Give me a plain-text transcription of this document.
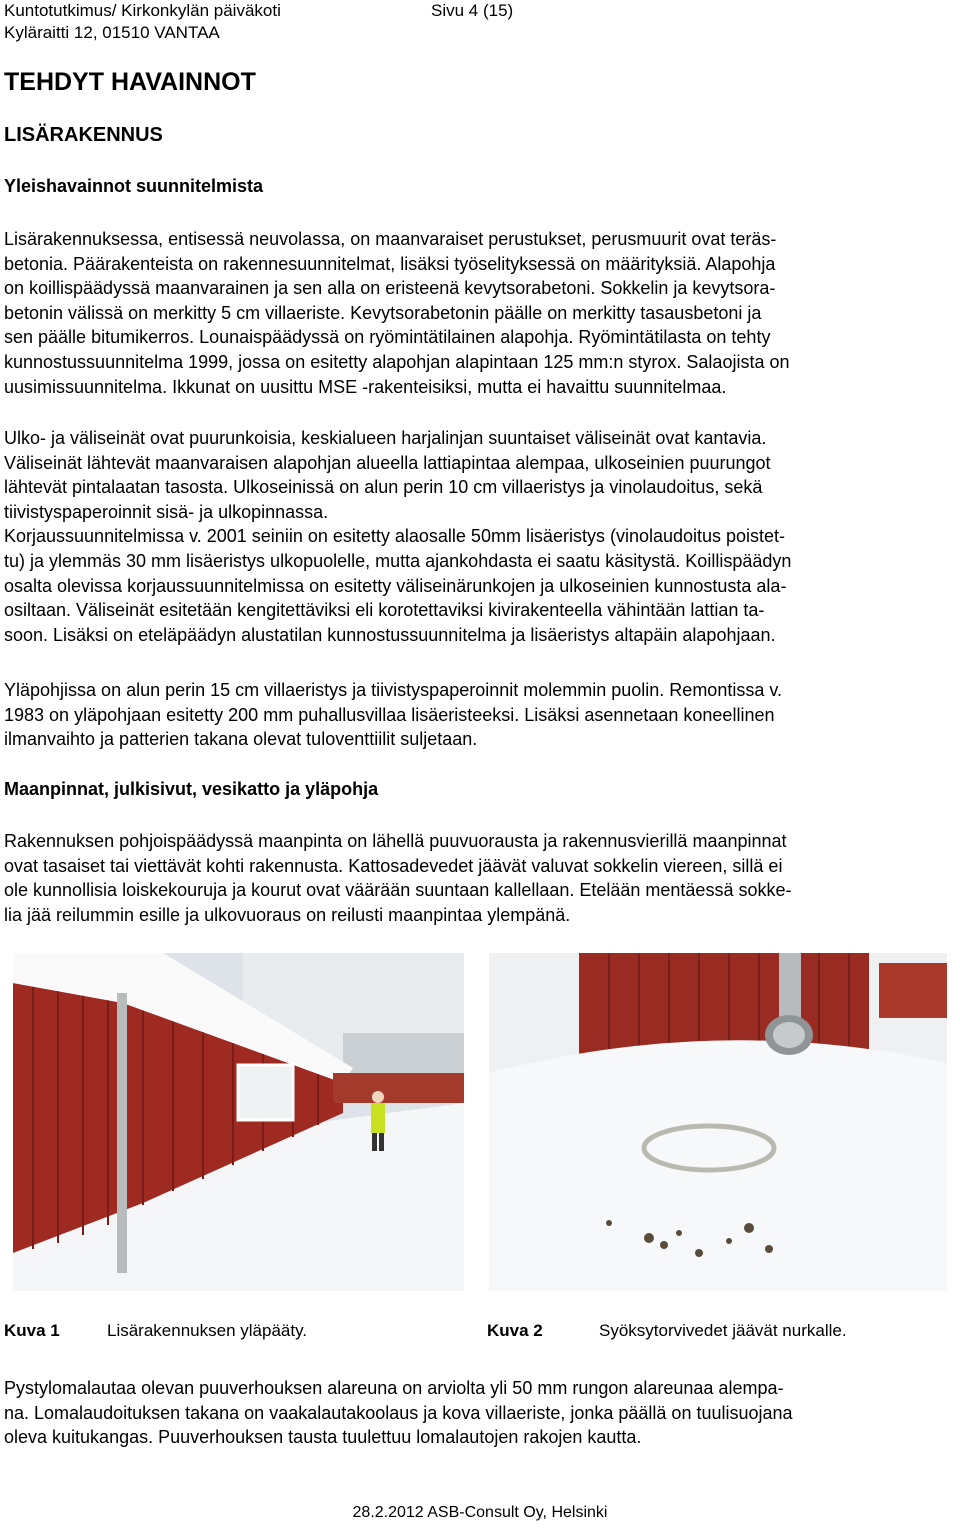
Kuntotutkimus/ Kirkonkylän päiväkoti
Kyläraitti 12, 01510 VANTAA
Sivu 4 (15)
TEHDYT HAVAINNOT
LISÄRAKENNUS
Yleishavainnot suunnitelmista
Lisärakennuksessa, entisessä neuvolassa, on maanvaraiset perustukset, perusmuurit ovat teräs-
betonia. Päärakenteista on rakennesuunnitelmat, lisäksi työselityksessä on määrityksiä. Alapohja
on koillispäädyssä maanvarainen ja sen alla on eristeenä kevytsorabetoni. Sokkelin ja kevytsora-
betonin välissä on merkitty 5 cm villaeriste. Kevytsorabetonin päälle on merkitty tasausbetoni ja
sen päälle bitumikerros. Lounaispäädyssä on ryömintätilainen alapohja. Ryömintätilasta on tehty
kunnostussuunnitelma 1999, jossa on esitetty alapohjan alapintaan 125 mm:n styrox. Salaojista on
uusimissuunnitelma. Ikkunat on uusittu MSE -rakenteisiksi, mutta ei havaittu suunnitelmaa.
Ulko- ja väliseinät ovat puurunkoisia, keskialueen harjalinjan suuntaiset väliseinät ovat kantavia.
Väliseinät lähtevät maanvaraisen alapohjan alueella lattiapintaa alempaa, ulkoseinien puurungot
lähtevät pintalaatan tasosta. Ulkoseinissä on alun perin 10 cm villaeristys ja vinolaudoitus, sekä
tiivistyspaperoinnit sisä- ja ulkopinnassa.
Korjaussuunnitelmissa v. 2001 seiniin on esitetty alaosalle 50mm lisäeristys (vinolaudoitus poistet-
tu) ja ylemmäs 30 mm lisäeristys ulkopuolelle, mutta ajankohdasta ei saatu käsitystä. Koillispäädyn
osalta olevissa korjaussuunnitelmissa on esitetty väliseinärunkojen ja ulkoseinien kunnostusta ala-
osiltaan. Väliseinät esitetään kengitettäviksi eli korotettaviksi kivirakenteella vähintään lattian ta-
soon. Lisäksi on eteläpäädyn alustatilan kunnostussuunnitelma ja lisäeristys altapäin alapohjaan.
Yläpohjissa on alun perin 15 cm villaeristys ja tiivistyspaperoinnit molemmin puolin. Remontissa v.
1983 on yläpohjaan esitetty 200 mm puhallusvillaa lisäeristeeksi. Lisäksi asennetaan koneellinen
ilmanvaihto ja patterien takana olevat tuloventtiilit suljetaan.
Maanpinnat, julkisivut, vesikatto ja yläpohja
Rakennuksen pohjoispäädyssä maanpinta on lähellä puuvuorausta ja rakennusvierillä maanpinnat
ovat tasaiset tai viettävät kohti rakennusta. Kattosadevedet jäävät valuvat sokkelin viereen, sillä ei
ole kunnollisia loiskekouruja ja kourut ovat väärään suuntaan kallellaan. Etelään mentäessä sokke-
lia jää reilummin esille ja ulkovuoraus on reilusti maanpintaa ylempänä.
Kuva 1	Lisärakennuksen yläpääty.	Kuva 2	Syöksytorvivedet jäävät nurkalle.
Pystylomalautaa olevan puuverhouksen alareuna on arviolta yli 50 mm rungon alareunaa alempa-
na. Lomalaudoituksen takana on vaakalautakoolaus ja kova villaeriste, jonka päällä on tuulisuojana
oleva kuitukangas. Puuverhouksen tausta tuulettuu lomalautojen rakojen kautta.
28.2.2012 ASB-Consult Oy, Helsinki
